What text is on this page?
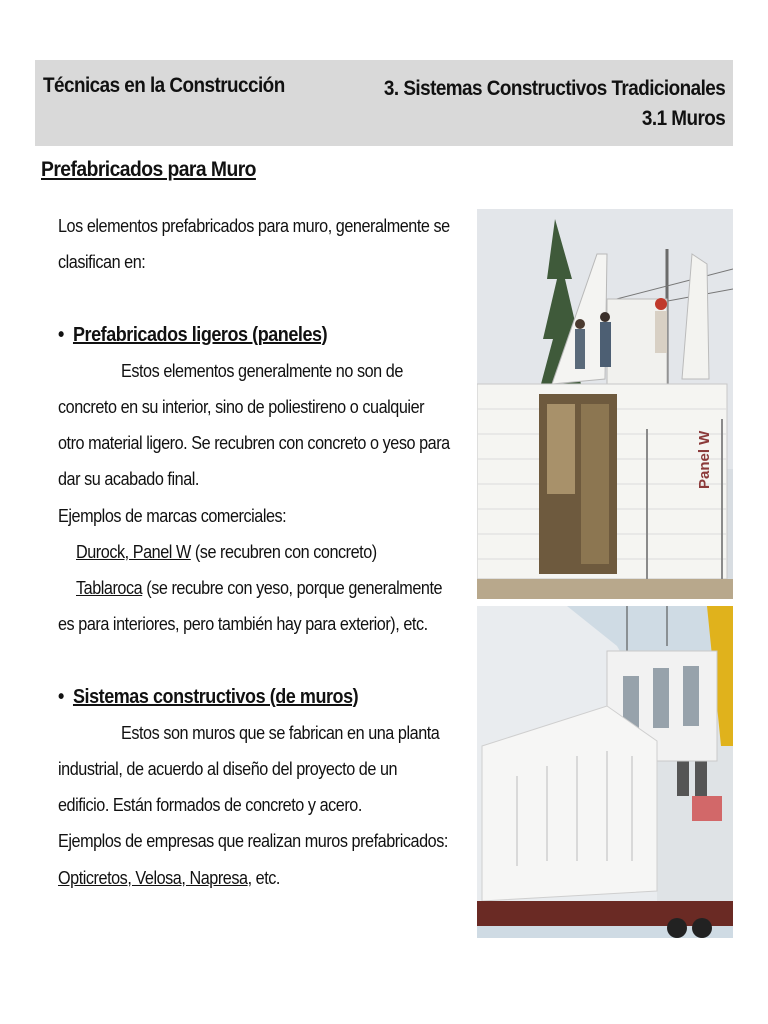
Técnicas en la Construcción	3. Sistemas Constructivos Tradicionales
3.1 Muros
Prefabricados para Muro

Los elementos prefabricados para muro, generalmente se

clasifican en:

• Prefabricados ligeros (paneles)

Estos elementos generalmente no son de

concreto en su interior, sino de poliestireno o cualquier

otro material ligero. Se recubren con concreto o yeso para

dar su acabado final.

Ejemplos de marcas comerciales:

Durock, Panel W (se recubren con concreto)

Tablaroca (se recubre con yeso, porque generalmente

es para interiores, pero también hay para exterior), etc.

• Sistemas constructivos (de muros)

Estos son muros que se fabrican en una planta

industrial, de acuerdo al diseño del proyecto de un

edificio. Están formados de concreto y acero.

Ejemplos de empresas que realizan muros prefabricados:

Opticretos, Velosa, Napresa, etc.

Panel W
